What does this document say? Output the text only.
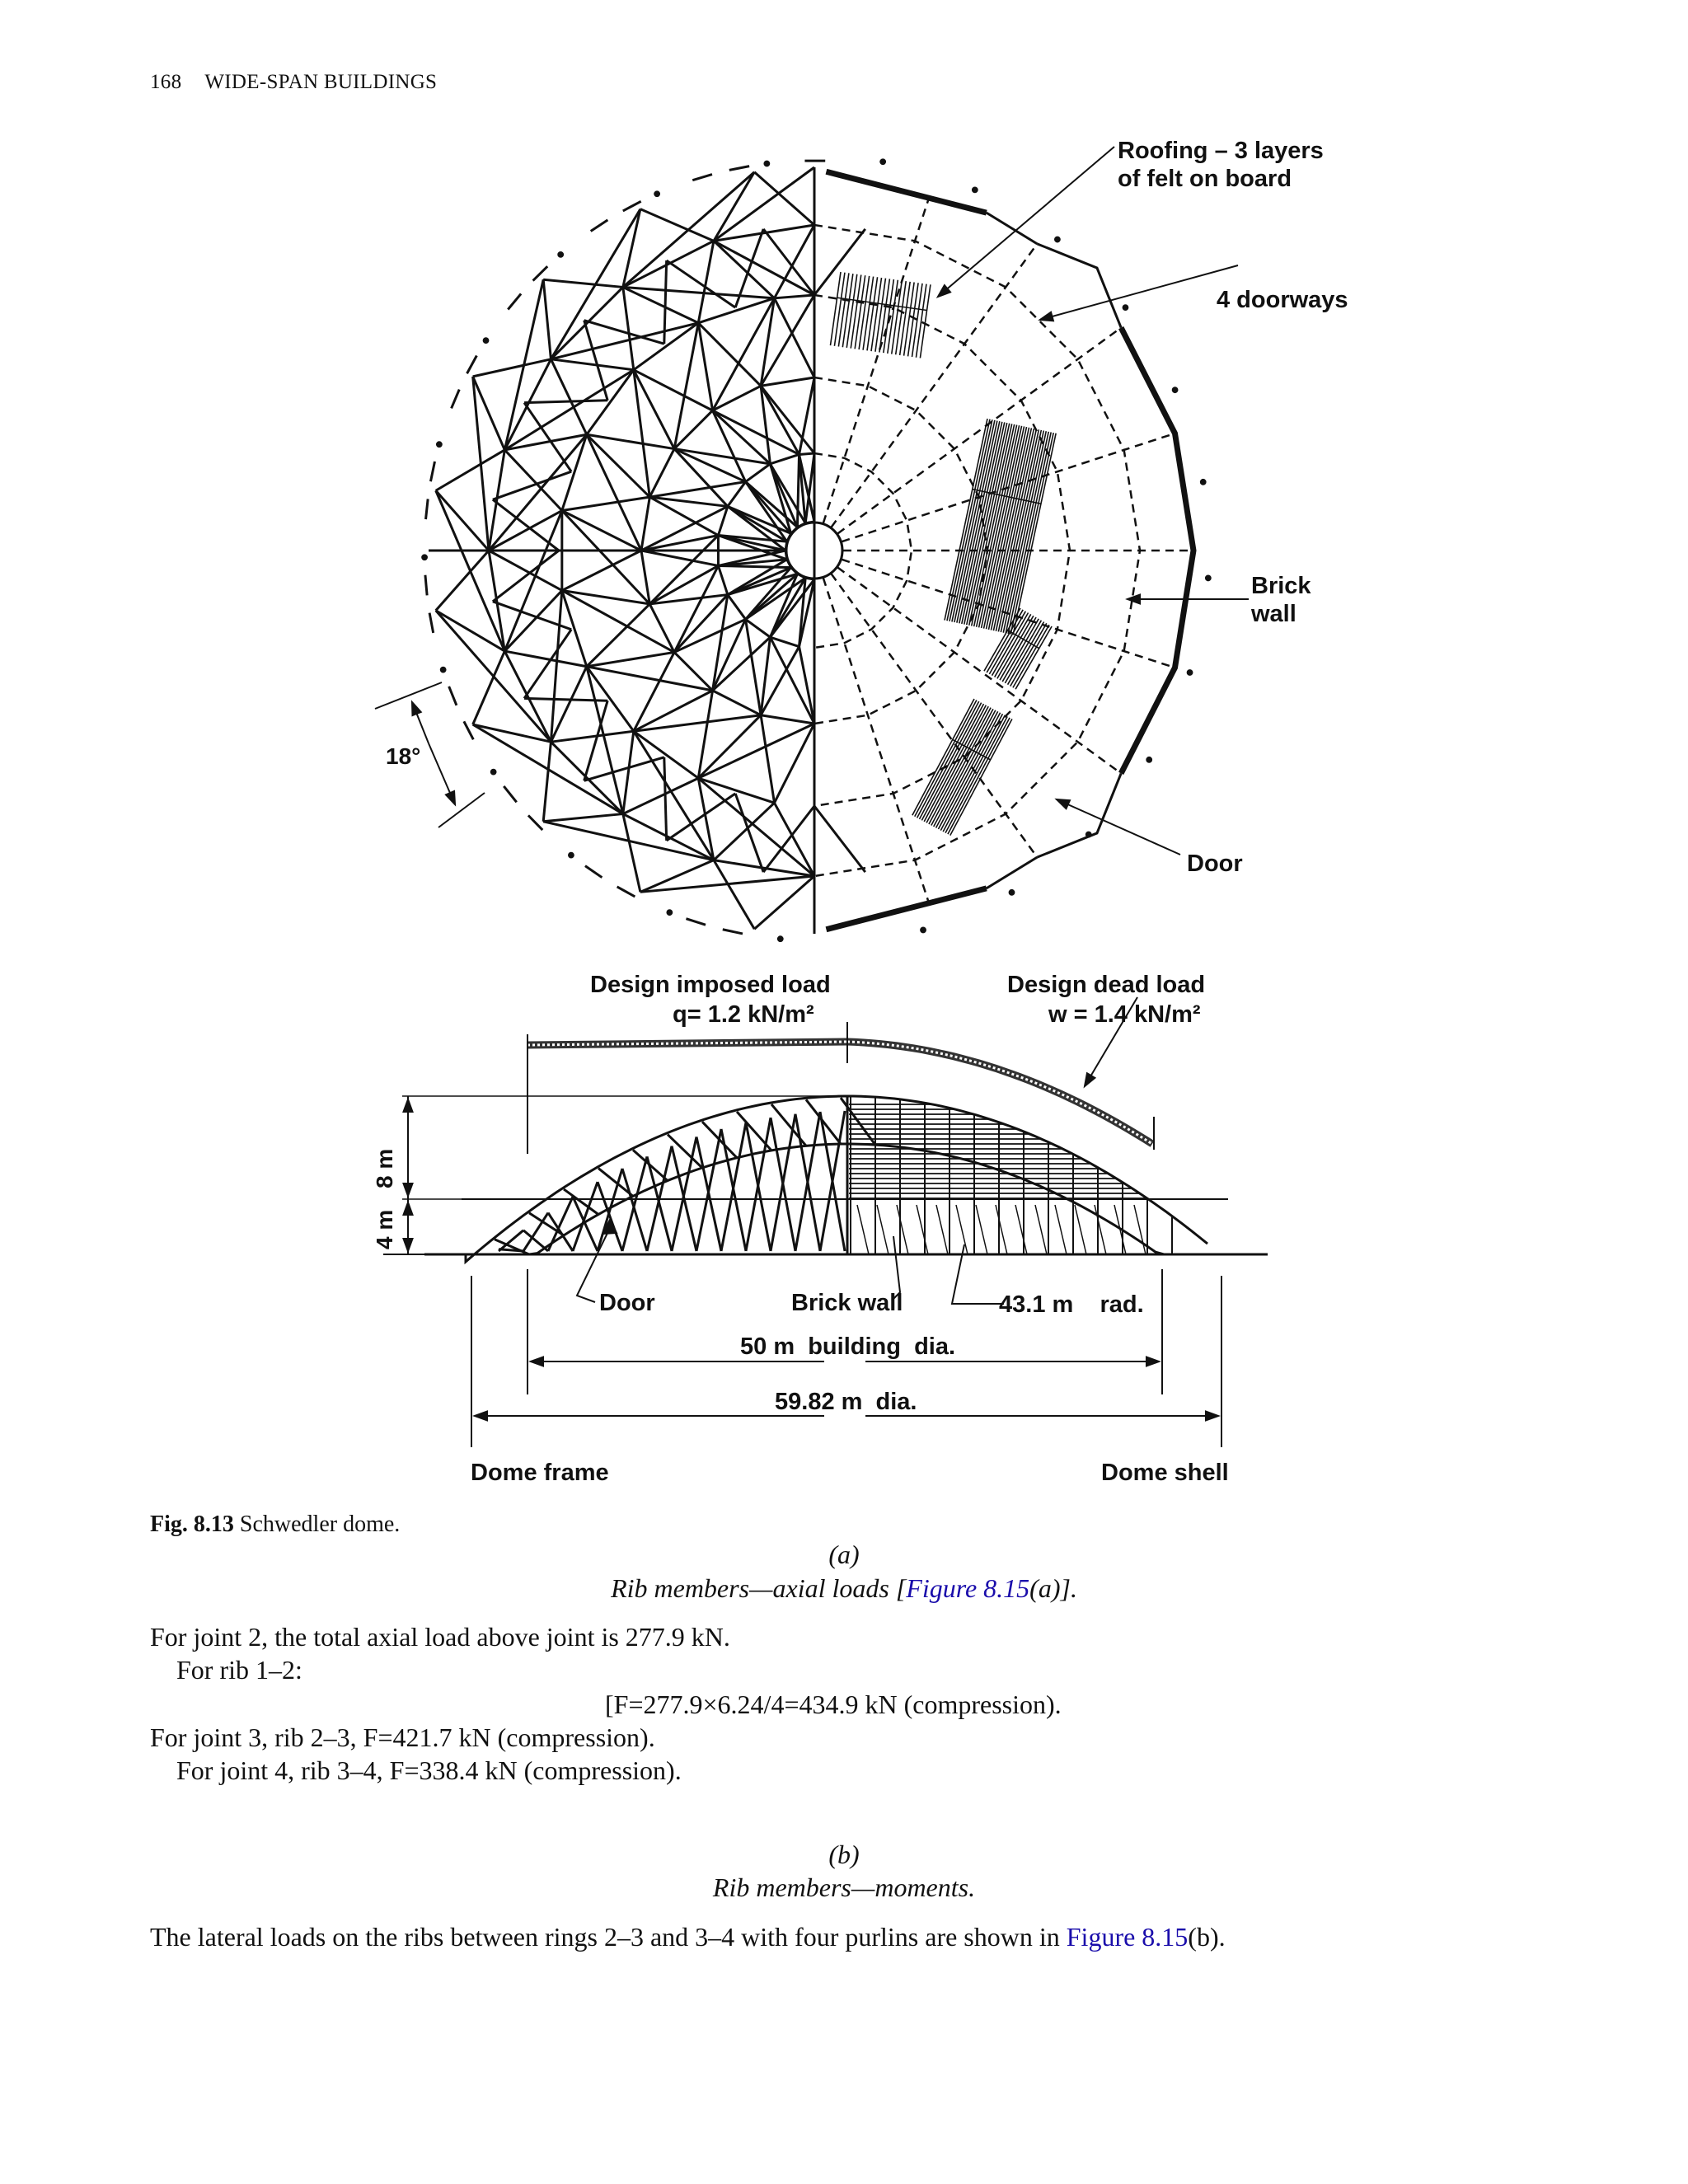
168 WIDE-SPAN BUILDINGS
Roofing – 3 layers
of felt on board
4 doorways
Brick
wall
18°
Door
Design imposed load
q= 1.2 kN/m²
Design dead load
w = 1.4 kN/m²
8 m
4 m
Door	Brick wall	43.1 m    rad.
50 m  building  dia.
59.82 m  dia.
Dome frame	Dome shell
Fig. 8.13 Schwedler dome.
(a)
Rib members—axial loads [Figure 8.15(a)].
For joint 2, the total axial load above joint is 277.9 kN.
For rib 1–2:
[F=277.9×6.24/4=434.9 kN (compression).
For joint 3, rib 2–3, F=421.7 kN (compression).
For joint 4, rib 3–4, F=338.4 kN (compression).
(b)
Rib members—moments.
The lateral loads on the ribs between rings 2–3 and 3–4 with four purlins are shown in Figure 8.15(b).
